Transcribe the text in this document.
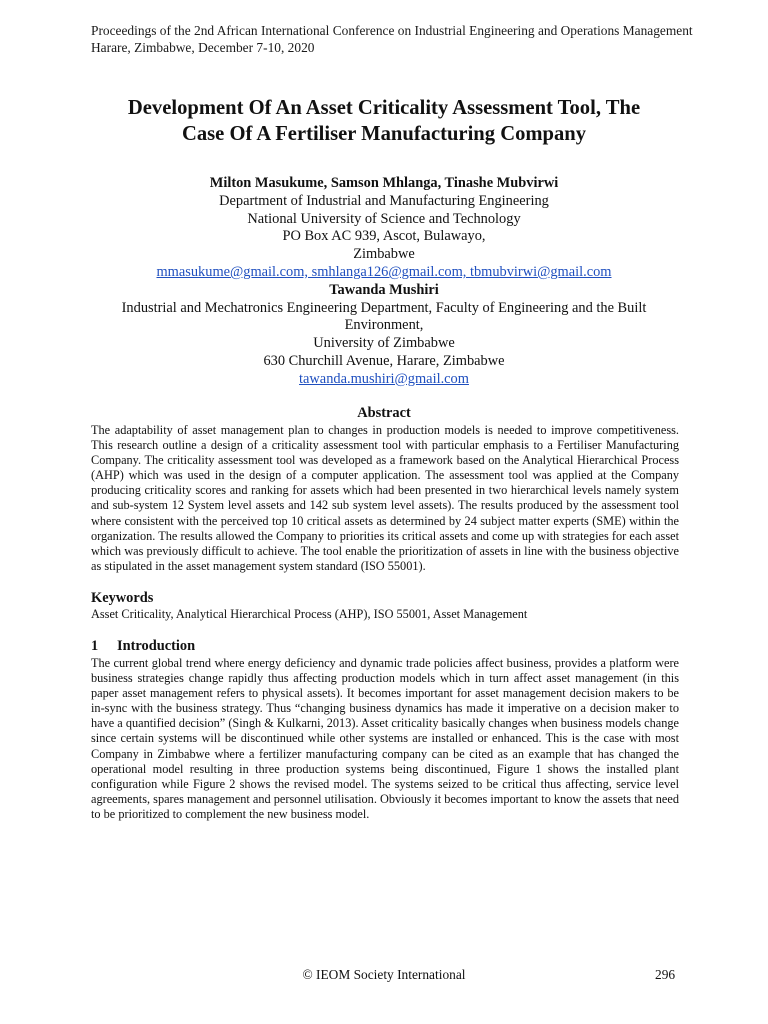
Proceedings of the 2nd African International Conference on Industrial Engineering and Operations Management
Harare, Zimbabwe, December 7-10, 2020
Development Of An Asset Criticality Assessment Tool, The
Case Of A Fertiliser Manufacturing Company
Milton Masukume, Samson Mhlanga, Tinashe Mubvirwi
Department of Industrial and Manufacturing Engineering
National University of Science and Technology
PO Box AC 939, Ascot, Bulawayo,
Zimbabwe
mmasukume@gmail.com, smhlanga126@gmail.com, tbmubvirwi@gmail.com
Tawanda Mushiri
Industrial and Mechatronics Engineering Department, Faculty of Engineering and the Built
Environment,
University of Zimbabwe
630 Churchill Avenue, Harare, Zimbabwe
tawanda.mushiri@gmail.com
Abstract
The adaptability of asset management plan to changes in production models is needed to improve competitiveness. This research outline a design of a criticality assessment tool with particular emphasis to a Fertiliser Manufacturing Company. The criticality assessment tool was developed as a framework based on the Analytical Hierarchical Process (AHP) which was used in the design of a computer application. The assessment tool was applied at the Company producing criticality scores and ranking for assets which had been presented in two hierarchical levels namely system and sub-system 12 System level assets and 142 sub system level assets). The results produced by the assessment tool where consistent with the perceived top 10 critical assets as determined by 24 subject matter experts (SME) within the organization. The results allowed the Company to priorities its critical assets and come up with strategies for each asset which was previously difficult to achieve. The tool enable the prioritization of assets in line with the business objective as stipulated in the asset management system standard (ISO 55001).
Keywords
Asset Criticality, Analytical Hierarchical Process (AHP), ISO 55001, Asset Management
1 Introduction
The current global trend where energy deficiency and dynamic trade policies affect business, provides a platform were business strategies change rapidly thus affecting production models which in turn affect asset management (in this paper asset management refers to physical assets). It becomes important for asset management decision makers to be in-sync with the business strategy. Thus “changing business dynamics has made it imperative on a decision maker to have a quantified decision” (Singh & Kulkarni, 2013). Asset criticality basically changes when business models change since certain systems will be discontinued while other systems are installed or enhanced. This is the case with most Company in Zimbabwe where a fertilizer manufacturing company can be cited as an example that has changed the operational model resulting in three production systems being discontinued, Figure 1 shows the installed plant configuration while Figure 2 shows the revised model. The systems seized to be critical thus affecting, service level agreements, spares management and personnel utilisation. Obviously it becomes important to know the assets that need to be prioritized to complement the new business model.
© IEOM Society International	296
